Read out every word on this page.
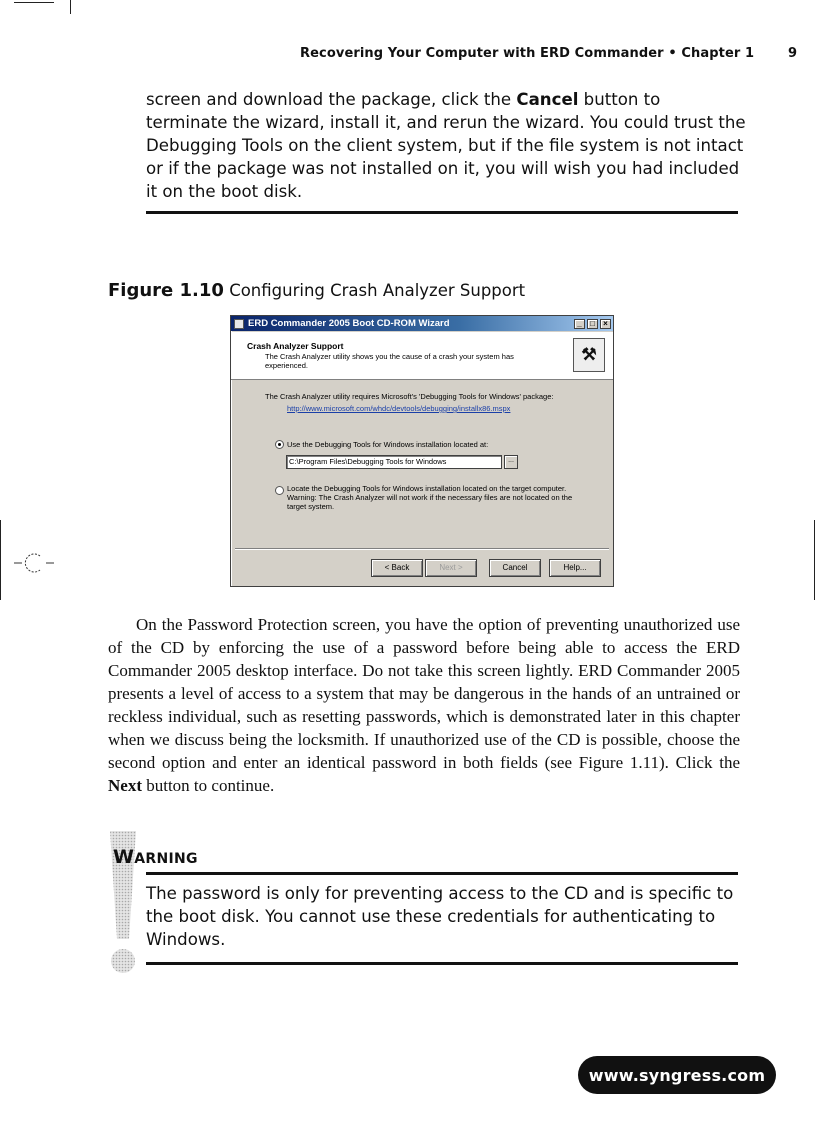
Recovering Your Computer with ERD Commander • Chapter 1	9
screen and download the package, click the Cancel button to terminate the wizard, install it, and rerun the wizard. You could trust the Debugging Tools on the client system, but if the file system is not intact or if the package was not installed on it, you will wish you had included it on the boot disk.
Figure 1.10 Configuring Crash Analyzer Support
ERD Commander 2005 Boot CD-ROM Wizard	_	□	×
Crash Analyzer Support
The Crash Analyzer utility shows you the cause of a crash your system has experienced.
⚒
The Crash Analyzer utility requires Microsoft's 'Debugging Tools for Windows' package:
http://www.microsoft.com/whdc/devtools/debugging/installx86.mspx
Use the Debugging Tools for Windows installation located at:
C:\Program Files\Debugging Tools for Windows	...
Locate the Debugging Tools for Windows installation located on the target computer. Warning: The Crash Analyzer will not work if the necessary files are not located on the target system.
< Back	Next >	Cancel	Help...

On the Password Protection screen, you have the option of preventing unauthorized use of the CD by enforcing the use of a password before being able to access the ERD Commander 2005 desktop interface. Do not take this screen lightly. ERD Commander 2005 presents a level of access to a system that may be dangerous in the hands of an untrained or reckless individual, such as resetting passwords, which is demonstrated later in this chapter when we discuss being the locksmith. If unauthorized use of the CD is possible, choose the second option and enter an identical password in both fields (see Figure 1.11). Click the Next button to continue.

WARNING
The password is only for preventing access to the CD and is specific to the boot disk. You cannot use these credentials for authenticating to Windows.
www.syngress.com
